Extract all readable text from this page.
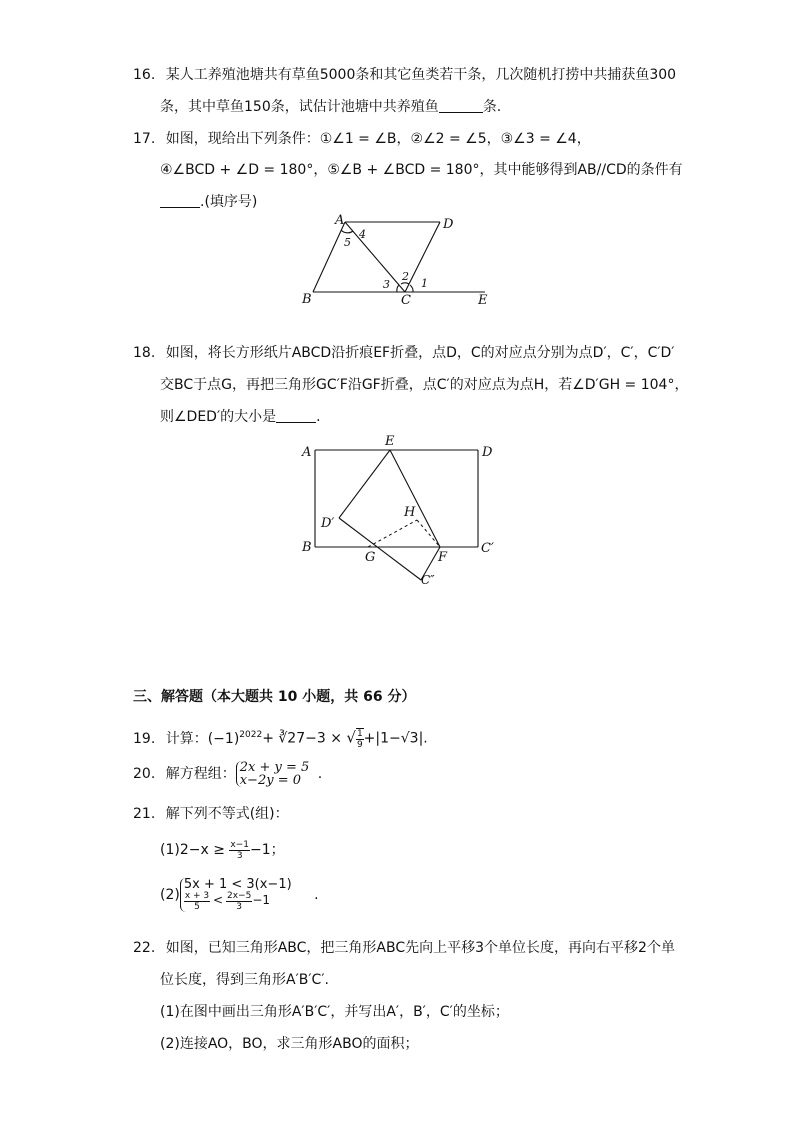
16. 某人工养殖池塘共有草鱼5000条和其它鱼类若干条，几次随机打捞中共捕获鱼300
条，其中草鱼150条，试估计池塘中共养殖鱼	条.
17. 如图，现给出下列条件：①∠1 = ∠B，②∠2 = ∠5，③∠3 = ∠4，
④∠BCD + ∠D = 180°，⑤∠B + ∠BCD = 180°，其中能够得到AB//CD的条件有
.(填序号)
A	D
B	C	E
1
2
3
4
5
18. 如图，将长方形纸片ABCD沿折痕EF折叠，点D，C的对应点分别为点D′，C′，C′D′
交BC于点G，再把三角形GC′F沿GF折叠，点C′的对应点为点H，若∠D′GH = 104°，
则∠DED′的大小是	.
A
E
D
D′
H
B
G	F
C′
C″
三、解答题（本大题共 10 小题，共 66 分）
19. 计算：$(-1)^{2022}+$ ∛27−3 × √ $\frac{1}{9} +|1-√3|$.
20. 解方程组： 2x + y = 5
x−2y = 0	.
21. 解下列不等式(组)：
$(1)2-x \ge \frac{x-1}{3} -1$；
(2)
5x + 1 < 3(x−1)
$\frac{x + 3}{5} < \frac{2x-5}{3} -1$	.
22. 如图，已知三角形ABC，把三角形ABC先向上平移3个单位长度，再向右平移2个单
位长度，得到三角形A′B′C′.
(1)在图中画出三角形A′B′C′，并写出A′，B′，C′的坐标；
(2)连接AO，BO，求三角形ABO的面积；
